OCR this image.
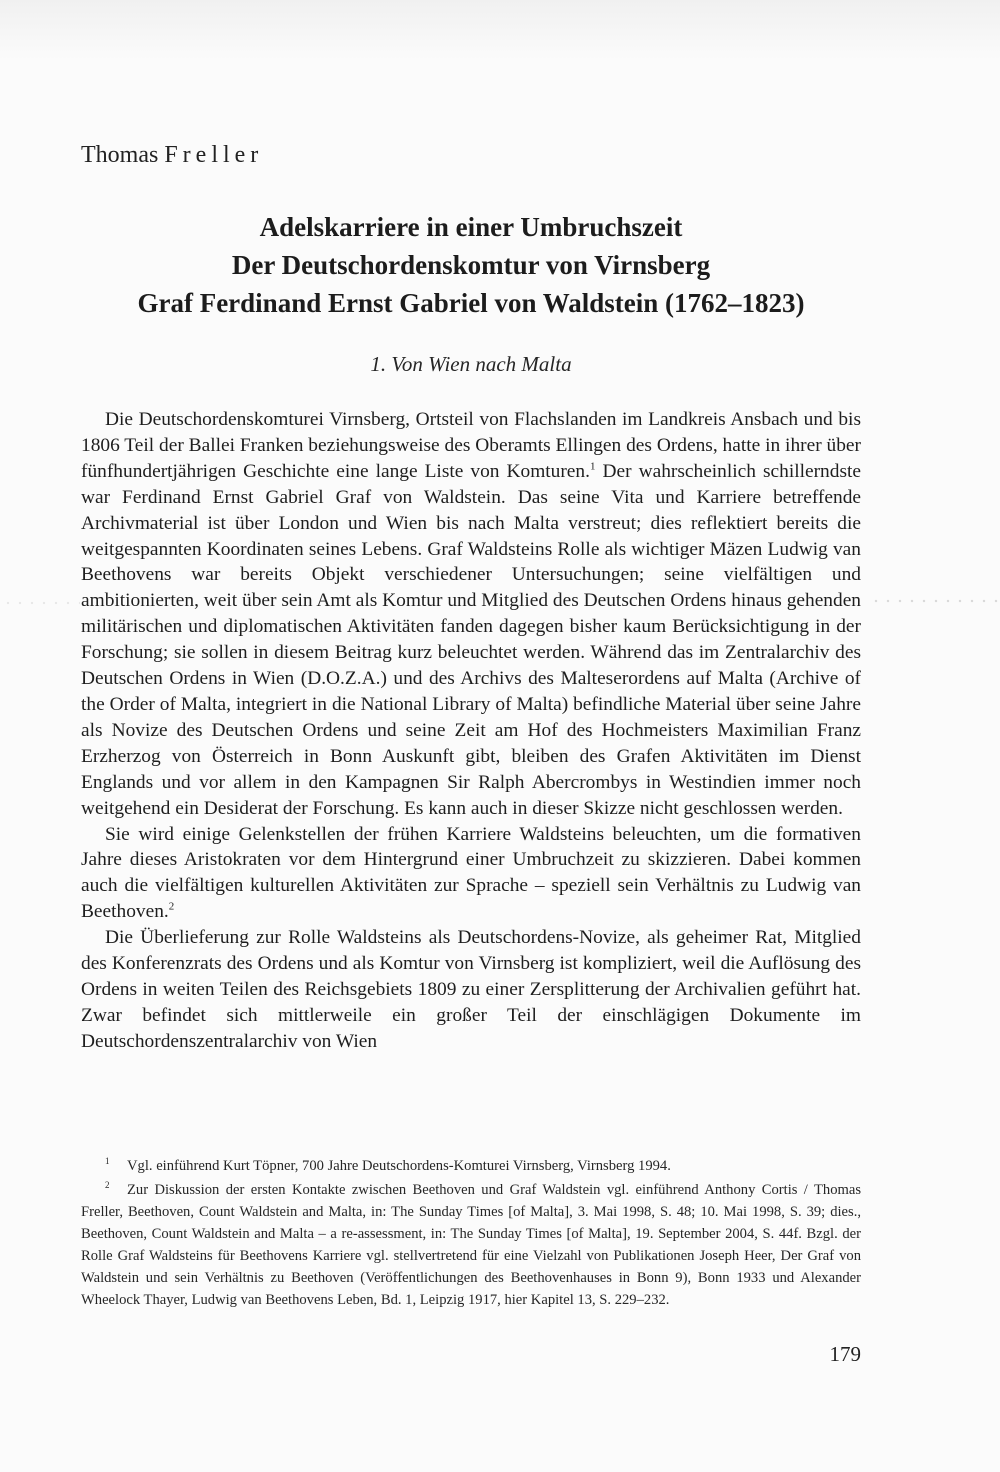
Thomas Freller
Adelskarriere in einer Umbruchszeit
Der Deutschordenskomtur von Virnsberg
Graf Ferdinand Ernst Gabriel von Waldstein (1762–1823)
1. Von Wien nach Malta

Die Deutschordenskomturei Virnsberg, Ortsteil von Flachslanden im Landkreis Ansbach und bis 1806 Teil der Ballei Franken beziehungsweise des Oberamts Ellingen des Ordens, hatte in ihrer über fünfhundertjährigen Geschichte eine lange Liste von Komturen.$^1$ Der wahrscheinlich schillerndste war Ferdinand Ernst Gabriel Graf von Waldstein. Das seine Vita und Karriere betreffende Archivmaterial ist über London und Wien bis nach Malta verstreut; dies reflektiert bereits die weitgespannten Koordinaten seines Lebens. Graf Waldsteins Rolle als wichtiger Mäzen Ludwig van Beethovens war bereits Objekt verschiedener Untersuchungen; seine vielfältigen und ambitionierten, weit über sein Amt als Komtur und Mitglied des Deutschen Ordens hinaus gehenden militärischen und diplomatischen Aktivitäten fanden dagegen bisher kaum Berücksichtigung in der Forschung; sie sollen in diesem Beitrag kurz beleuchtet werden. Während das im Zentralarchiv des Deutschen Ordens in Wien (D.O.Z.A.) und des Archivs des Malteserordens auf Malta (Archive of the Order of Malta, integriert in die National Library of Malta) befindliche Material über seine Jahre als Novize des Deutschen Ordens und seine Zeit am Hof des Hochmeisters Maximilian Franz Erzherzog von Österreich in Bonn Auskunft gibt, bleiben des Grafen Aktivitäten im Dienst Englands und vor allem in den Kampagnen Sir Ralph Abercrombys in Westindien immer noch weitgehend ein Desiderat der Forschung. Es kann auch in dieser Skizze nicht geschlossen werden.

Sie wird einige Gelenkstellen der frühen Karriere Waldsteins beleuchten, um die formativen Jahre dieses Aristokraten vor dem Hintergrund einer Umbruchzeit zu skizzieren. Dabei kommen auch die vielfältigen kulturellen Aktivitäten zur Sprache – speziell sein Verhältnis zu Ludwig van Beethoven.$^2$

Die Überlieferung zur Rolle Waldsteins als Deutschordens-Novize, als geheimer Rat, Mitglied des Konferenzrats des Ordens und als Komtur von Virnsberg ist kompliziert, weil die Auflösung des Ordens in weiten Teilen des Reichsgebiets 1809 zu einer Zersplitterung der Archivalien geführt hat. Zwar befindet sich mittlerweile ein großer Teil der einschlägigen Dokumente im Deutschordenszentralarchiv von Wien

1 Vgl. einführend Kurt Töpner, 700 Jahre Deutschordens-Komturei Virnsberg, Virnsberg 1994.

2 Zur Diskussion der ersten Kontakte zwischen Beethoven und Graf Waldstein vgl. einführend Anthony Cortis / Thomas Freller, Beethoven, Count Waldstein and Malta, in: The Sunday Times [of Malta], 3. Mai 1998, S. 48; 10. Mai 1998, S. 39; dies., Beethoven, Count Waldstein and Malta – a re-assessment, in: The Sunday Times [of Malta], 19. September 2004, S. 44f. Bzgl. der Rolle Graf Waldsteins für Beethovens Karriere vgl. stellvertretend für eine Vielzahl von Publikationen Joseph Heer, Der Graf von Waldstein und sein Verhältnis zu Beethoven (Veröffentlichungen des Beethovenhauses in Bonn 9), Bonn 1933 und Alexander Wheelock Thayer, Ludwig van Beethovens Leben, Bd. 1, Leipzig 1917, hier Kapitel 13, S. 229–232.

179
